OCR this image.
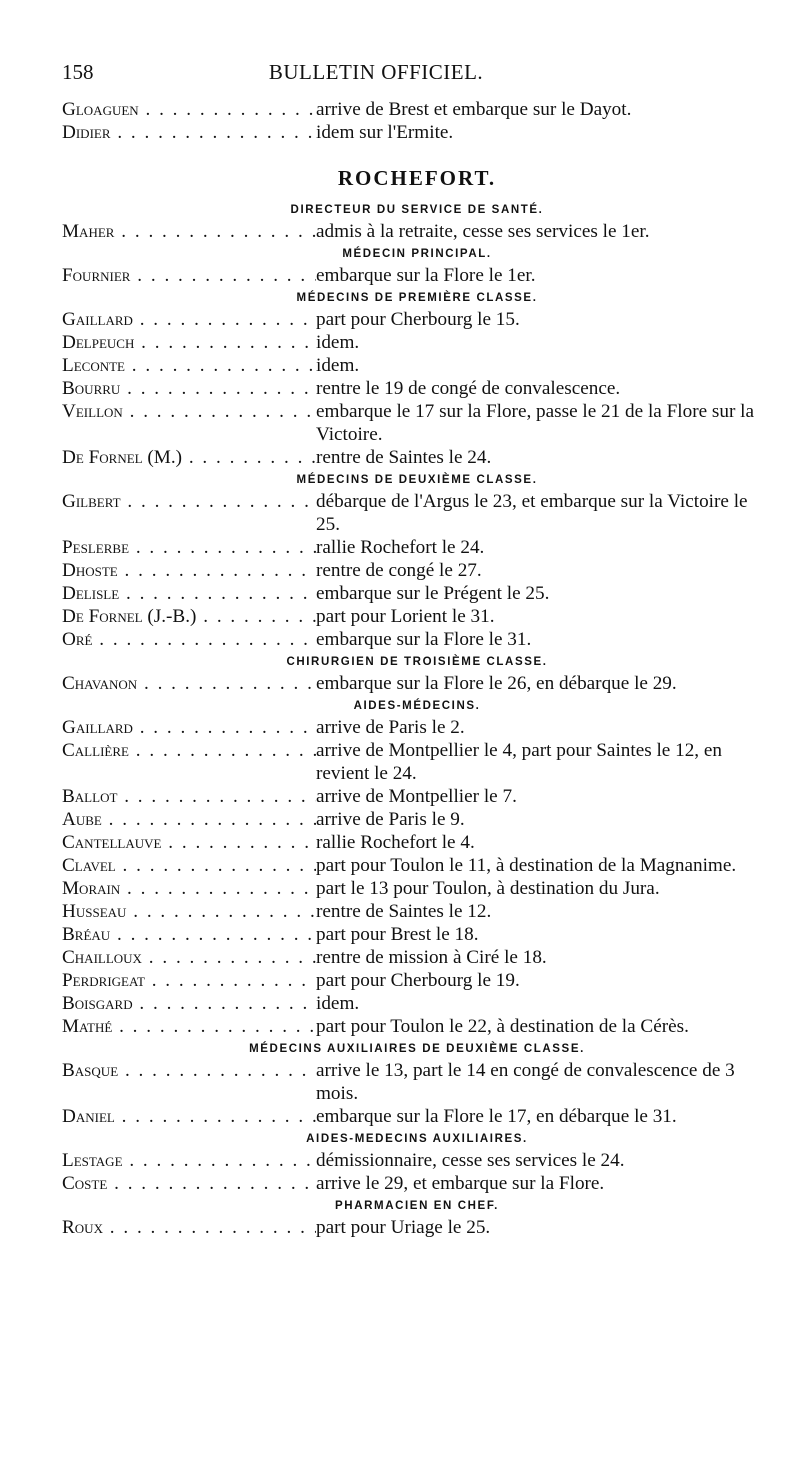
158	BULLETIN OFFICIEL.
Gloaguen . . .	arrive de Brest et embarque sur le Dayot.
Didier . . .	idem sur l'Ermite.
ROCHEFORT.
DIRECTEUR DU SERVICE DE SANTÉ.
Maher . . .	admis à la retraite, cesse ses services le 1er.
MÉDECIN PRINCIPAL.
Fournier . . .	embarque sur la Flore le 1er.
MÉDECINS DE PREMIÈRE CLASSE.
Gaillard . . .	part pour Cherbourg le 15.
Delpeuch . . .	idem.
Leconte . . .	idem.
Bourru . . .	rentre le 19 de congé de convalescence.
Veillon . . .	embarque le 17 sur la Flore, passe le 21 de la Flore sur la Victoire.
De Fornel (M.) . . .	rentre de Saintes le 24.
MÉDECINS DE DEUXIÈME CLASSE.
Gilbert . . .	débarque de l'Argus le 23, et embarque sur la Victoire le 25.
Peslerbe . . .	rallie Rochefort le 24.
Dhoste . . .	rentre de congé le 27.
Delisle . . .	embarque sur le Prégent le 25.
De Fornel (J.-B.) . . .	part pour Lorient le 31.
Oré . . .	embarque sur la Flore le 31.
CHIRURGIEN DE TROISIÈME CLASSE.
Chavanon . . .	embarque sur la Flore le 26, en débarque le 29.
AIDES-MÉDECINS.
Gaillard . . .	arrive de Paris le 2.
Callière . . .	arrive de Montpellier le 4, part pour Saintes le 12, en revient le 24.
Ballot . . .	arrive de Montpellier le 7.
Aube . . .	arrive de Paris le 9.
Cantellauve . . .	rallie Rochefort le 4.
Clavel . . .	part pour Toulon le 11, à destination de la Magnanime.
Morain . . .	part le 13 pour Toulon, à destination du Jura.
Husseau . . .	rentre de Saintes le 12.
Bréau . . .	part pour Brest le 18.
Chailloux . . .	rentre de mission à Ciré le 18.
Perdrigeat . . .	part pour Cherbourg le 19.
Boisgard . . .	idem.
Mathé . . .	part pour Toulon le 22, à destination de la Cérès.
MÉDECINS AUXILIAIRES DE DEUXIÈME CLASSE.
Basque . . .	arrive le 13, part le 14 en congé de convalescence de 3 mois.
Daniel . . .	embarque sur la Flore le 17, en débarque le 31.
AIDES-MEDECINS AUXILIAIRES.
Lestage . . .	démissionnaire, cesse ses services le 24.
Coste . . .	arrive le 29, et embarque sur la Flore.
PHARMACIEN EN CHEF.
Roux . . .	part pour Uriage le 25.
